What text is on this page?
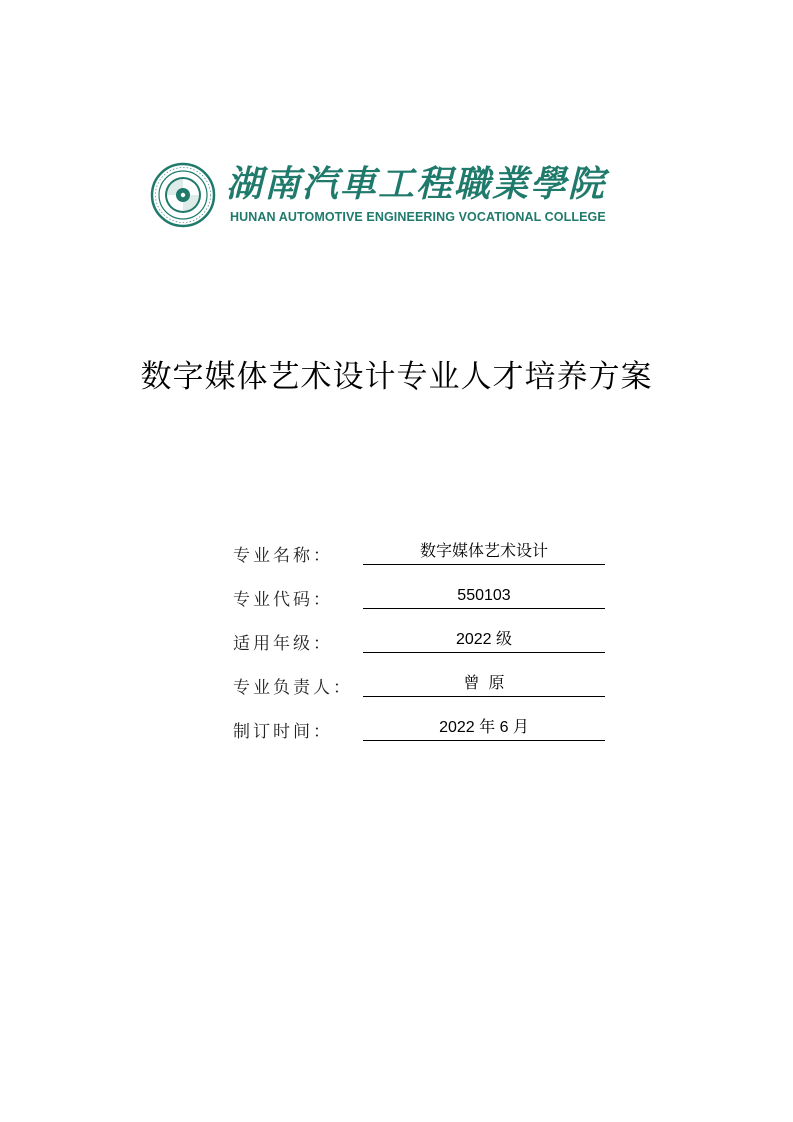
湖南汽車工程職業學院
HUNAN AUTOMOTIVE ENGINEERING VOCATIONAL COLLEGE
数字媒体艺术设计专业人才培养方案
专业名称：	数字媒体艺术设计
专业代码：	550103
适用年级：	2022 级
专业负责人：	曾  原
制订时间：	2022 年 6 月
